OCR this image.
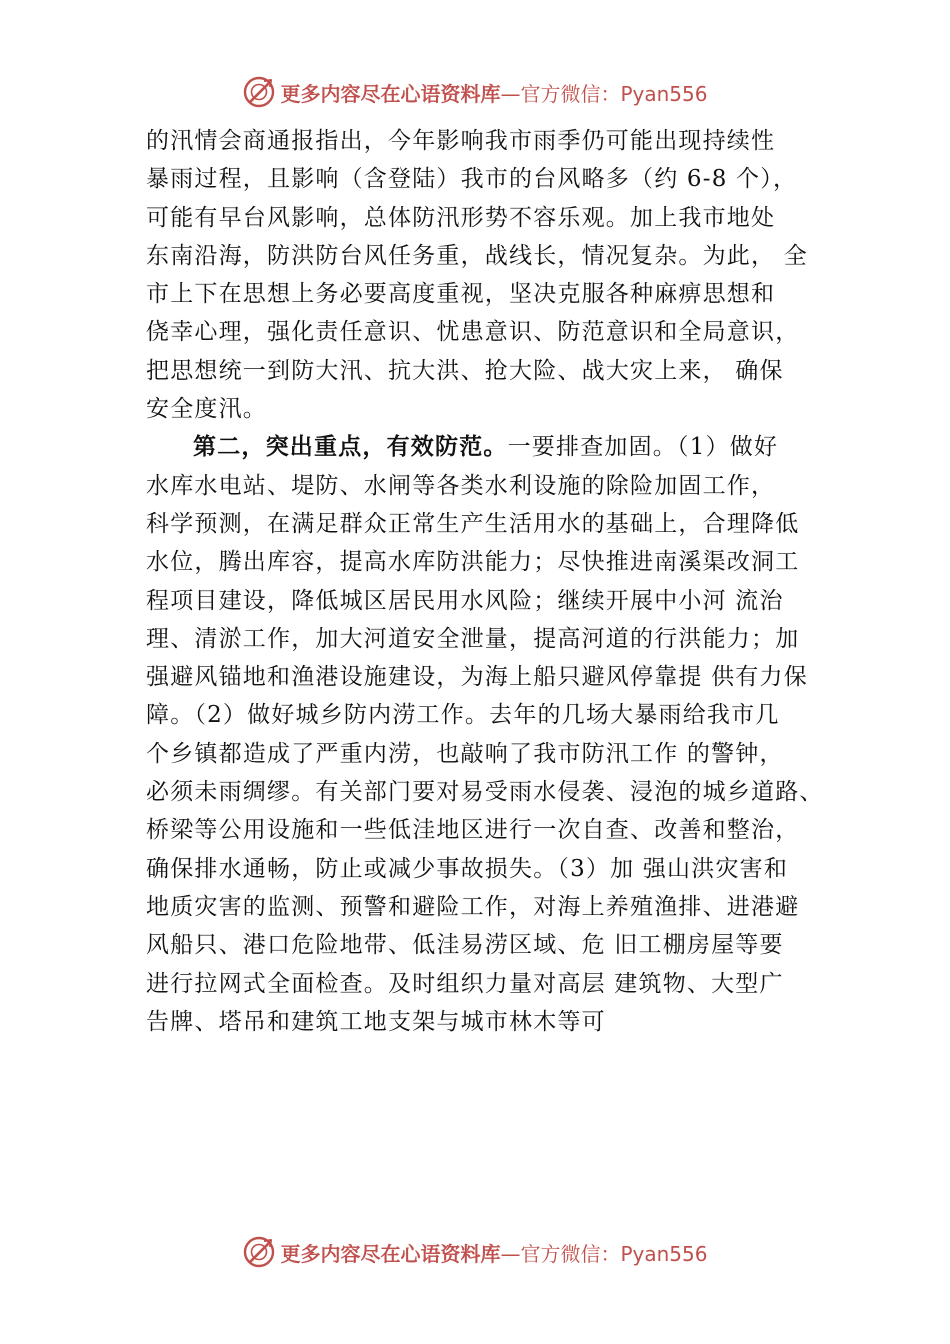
更多内容尽在心语资料库—官方微信：Pyan556
的汛情会商通报指出，今年影响我市雨季仍可能出现持续性
暴雨过程，且影响（含登陆）我市的台风略多（约 6-8 个），
可能有早台风影响，总体防汛形势不容乐观。加上我市地处
东南沿海，防洪防台风任务重，战线长，情况复杂。为此， 全
市上下在思想上务必要高度重视，坚决克服各种麻痹思想和
侥幸心理，强化责任意识、忧患意识、防范意识和全局意识，
把思想统一到防大汛、抗大洪、抢大险、战大灾上来， 确保
安全度汛。
第二，突出重点，有效防范。一要排查加固。（1）做好
水库水电站、堤防、水闸等各类水利设施的除险加固工作，
科学预测，在满足群众正常生产生活用水的基础上，合理降低
水位，腾出库容，提高水库防洪能力；尽快推进南溪渠改洞工
程项目建设，降低城区居民用水风险；继续开展中小河 流治
理、清淤工作，加大河道安全泄量，提高河道的行洪能力；加
强避风锚地和渔港设施建设，为海上船只避风停靠提 供有力保
障。（2）做好城乡防内涝工作。去年的几场大暴雨给我市几
个乡镇都造成了严重内涝，也敲响了我市防汛工作 的警钟，
必须未雨绸缪。有关部门要对易受雨水侵袭、浸泡的城乡道路、
桥梁等公用设施和一些低洼地区进行一次自查、改善和整治，
确保排水通畅，防止或减少事故损失。（3）加 强山洪灾害和
地质灾害的监测、预警和避险工作，对海上养殖渔排、进港避
风船只、港口危险地带、低洼易涝区域、危 旧工棚房屋等要
进行拉网式全面检查。及时组织力量对高层 建筑物、大型广
告牌、塔吊和建筑工地支架与城市林木等可
更多内容尽在心语资料库—官方微信：Pyan556
